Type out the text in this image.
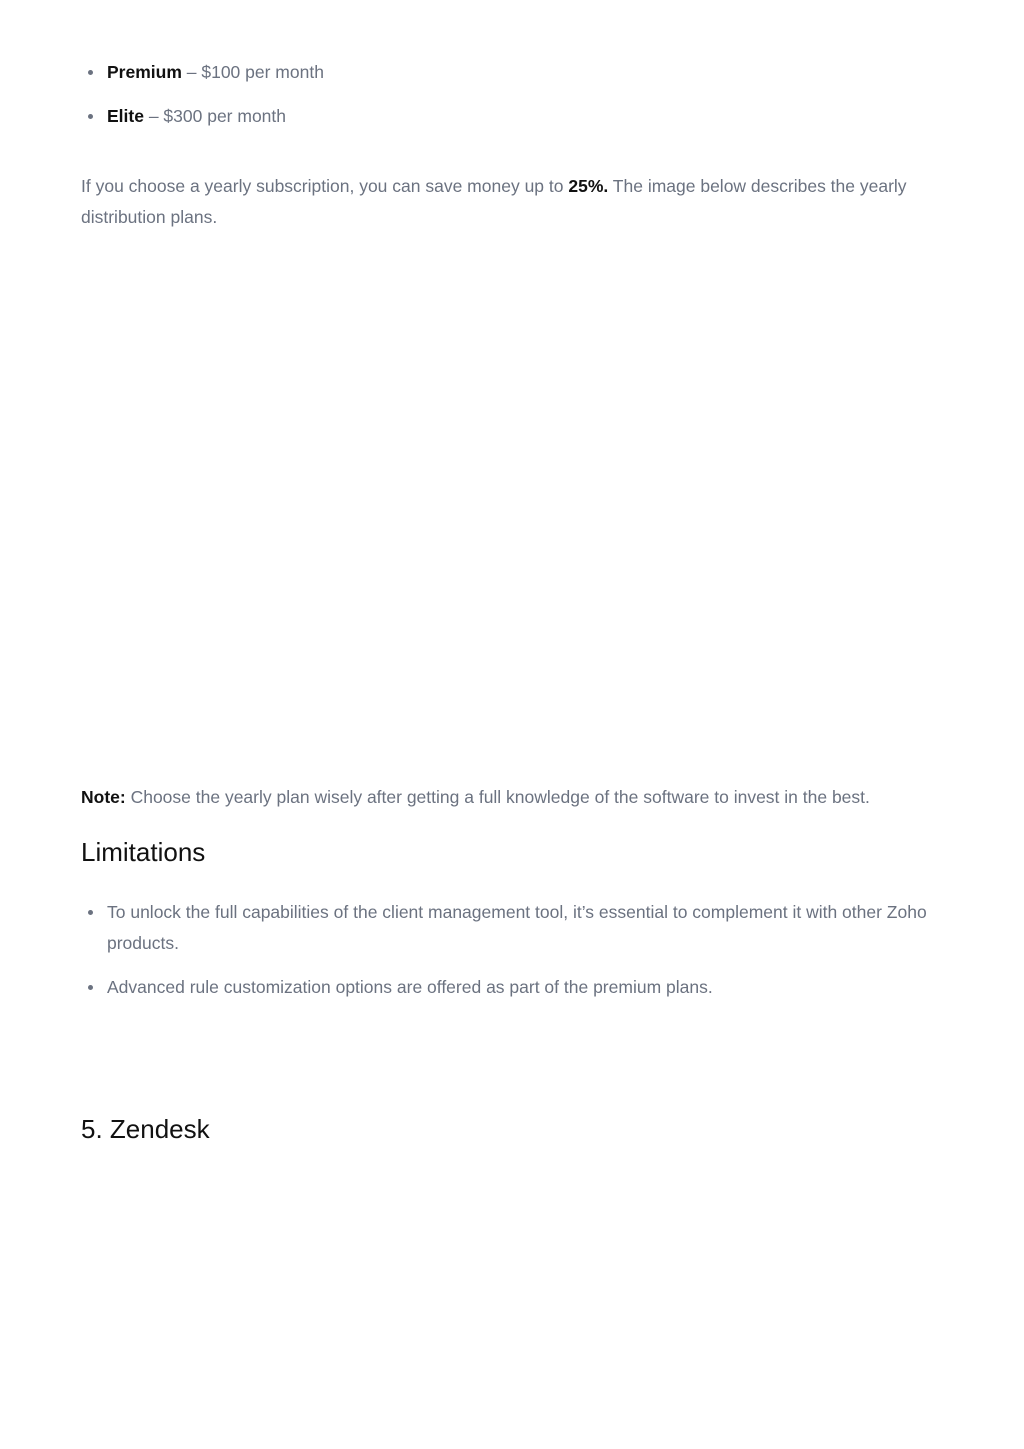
Premium – $100 per month
Elite – $300 per month

If you choose a yearly subscription, you can save money up to 25%. The image below describes the yearly distribution plans.

Note: Choose the yearly plan wisely after getting a full knowledge of the software to invest in the best.

Limitations
To unlock the full capabilities of the client management tool, it’s essential to complement it with other Zoho products.
Advanced rule customization options are offered as part of the premium plans.
5. Zendesk
